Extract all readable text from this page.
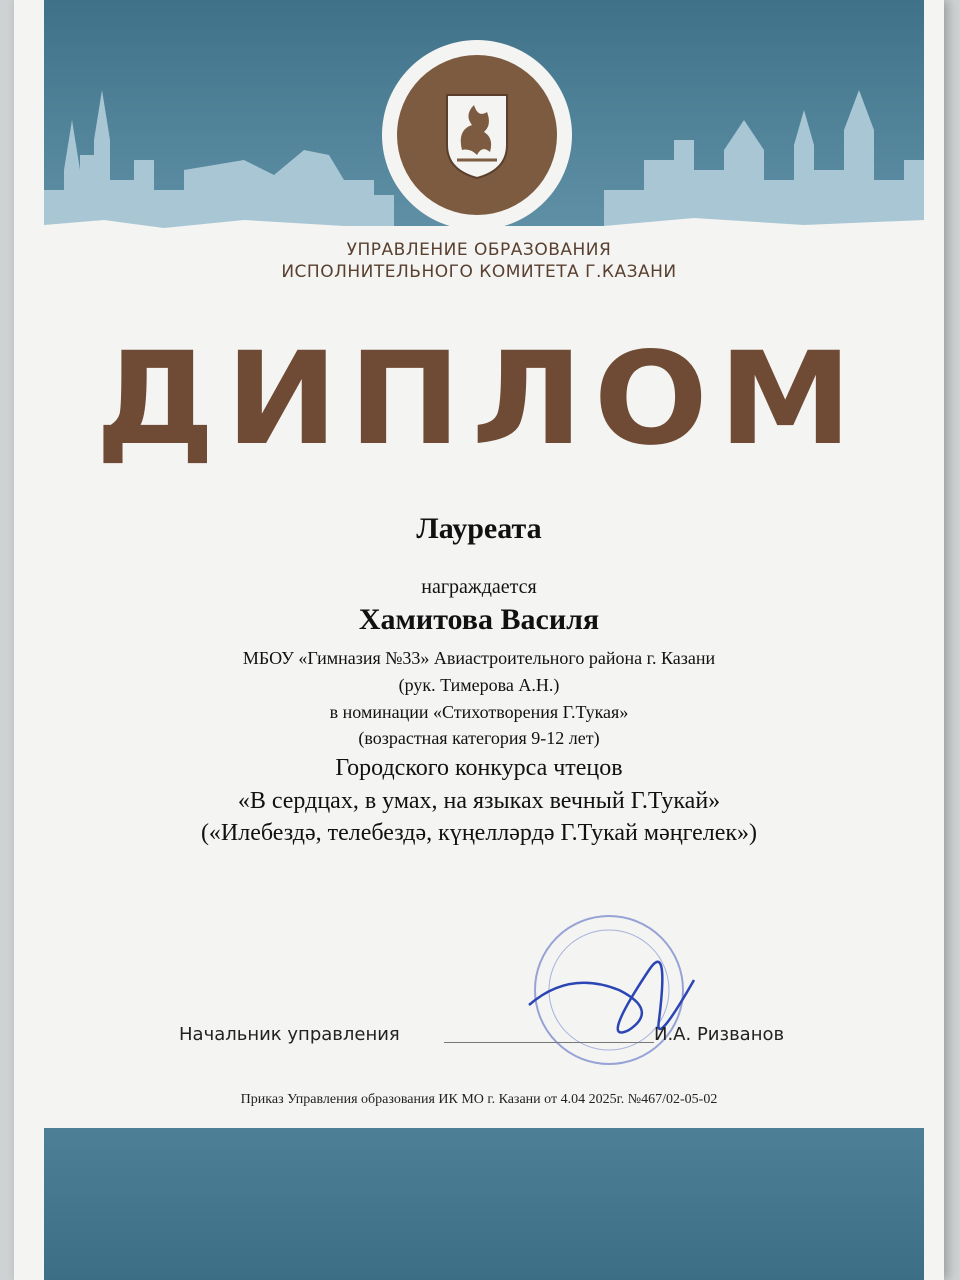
УПРАВЛЕНИЕ ОБРАЗОВАНИЯ
ИСПОЛНИТЕЛЬНОГО КОМИТЕТА Г.КАЗАНИ
ДИПЛОМ
Лауреата
награждается
Хамитова Василя
МБОУ «Гимназия №33» Авиастроительного района г. Казани
(рук. Тимерова А.Н.)
в номинации «Стихотворения Г.Тукая»
(возрастная категория 9-12 лет)
Городского конкурса чтецов
«В сердцах, в умах, на языках вечный Г.Тукай»
(«Илебездә, телебездә, күңелләрдә Г.Тукай мәңгелек»)
Начальник управления	И.А. Ризванов
Приказ Управления образования ИК МО г. Казани от 4.04 2025г. №467/02-05-02
